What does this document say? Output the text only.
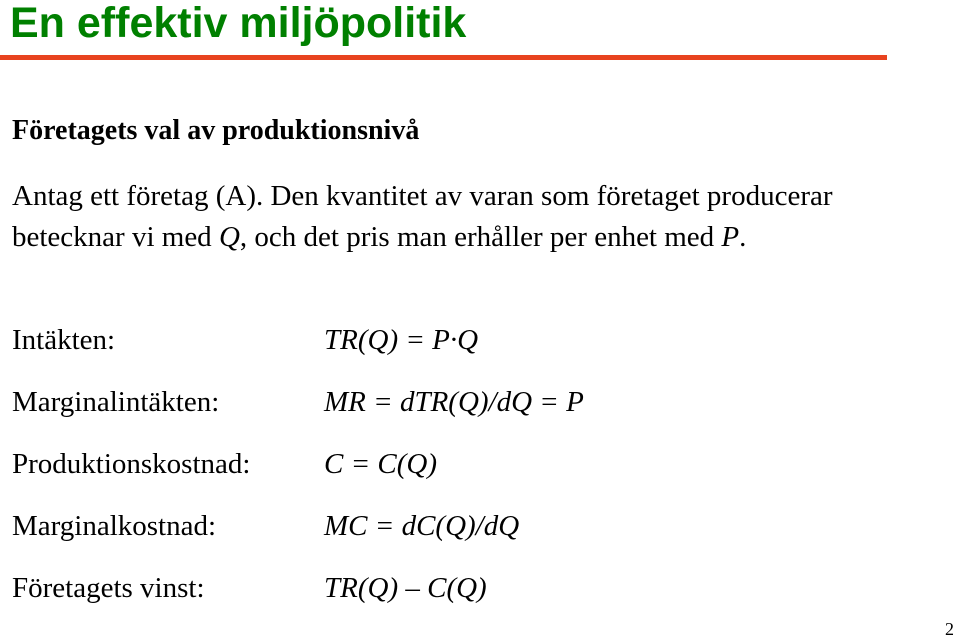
En effektiv miljöpolitik
Företagets val av produktionsnivå

Antag ett företag (A). Den kvantitet av varan som företaget producerar betecknar vi med Q, och det pris man erhåller per enhet med P.

Intäkten:	TR(Q) = P·Q
Marginalintäkten:	MR = dTR(Q)/dQ = P
Produktionskostnad:	C = C(Q)
Marginalkostnad:	MC = dC(Q)/dQ
Företagets vinst:	TR(Q) – C(Q)
2
